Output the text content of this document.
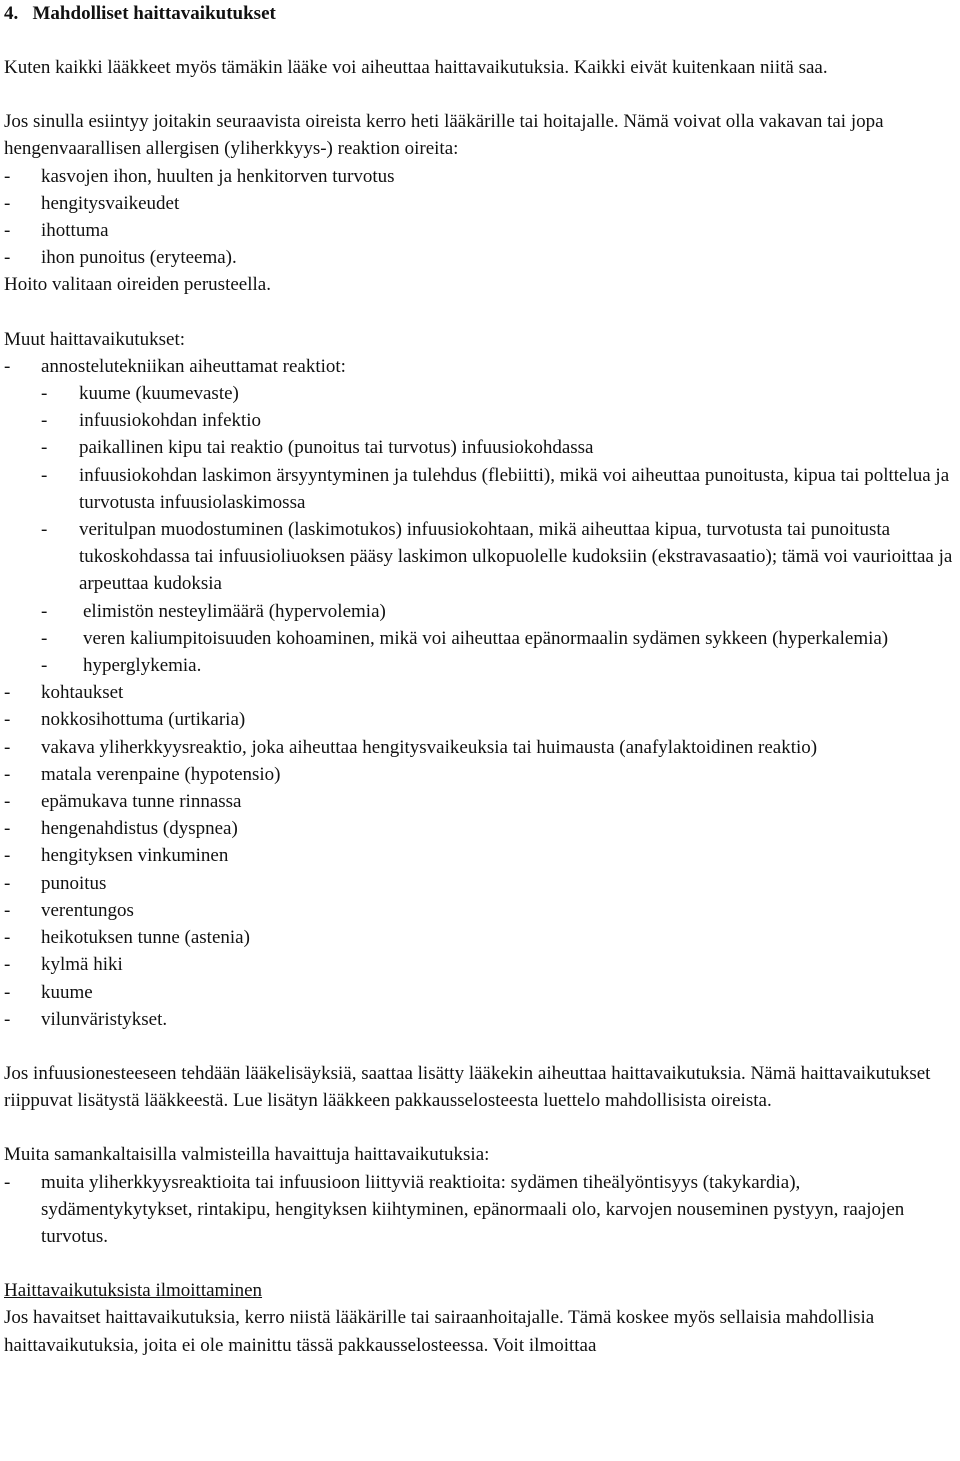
4.   Mahdolliset haittavaikutukset

Kuten kaikki lääkkeet myös tämäkin lääke voi aiheuttaa haittavaikutuksia. Kaikki eivät kuitenkaan niitä saa.

Jos sinulla esiintyy joitakin seuraavista oireista kerro heti lääkärille tai hoitajalle. Nämä voivat olla vakavan tai jopa hengenvaarallisen allergisen (yliherkkyys-) reaktion oireita:

-	kasvojen ihon, huulten ja henkitorven turvotus
-	hengitysvaikeudet
-	ihottuma
-	ihon punoitus (eryteema).

Hoito valitaan oireiden perusteella.

Muut haittavaikutukset:

-	annostelutekniikan aiheuttamat reaktiot:
-	kuume (kuumevaste)
-	infuusiokohdan infektio
-	paikallinen kipu tai reaktio (punoitus tai turvotus) infuusiokohdassa
-	infuusiokohdan laskimon ärsyyntyminen ja tulehdus (flebiitti), mikä voi aiheuttaa punoitusta, kipua tai polttelua ja turvotusta infuusiolaskimossa
-	veritulpan muodostuminen (laskimotukos) infuusiokohtaan, mikä aiheuttaa kipua, turvotusta tai punoitusta tukoskohdassa tai infuusioliuoksen pääsy laskimon ulkopuolelle kudoksiin (ekstravasaatio); tämä voi vaurioittaa ja arpeuttaa kudoksia
-	elimistön nesteylimäärä (hypervolemia)
-	veren kaliumpitoisuuden kohoaminen, mikä voi aiheuttaa epänormaalin sydämen sykkeen (hyperkalemia)
-	hyperglykemia.
-	kohtaukset
-	nokkosihottuma (urtikaria)
-	vakava yliherkkyysreaktio, joka aiheuttaa hengitysvaikeuksia tai huimausta (anafylaktoidinen reaktio)
-	matala verenpaine (hypotensio)
-	epämukava tunne rinnassa
-	hengenahdistus (dyspnea)
-	hengityksen vinkuminen
-	punoitus
-	verentungos
-	heikotuksen tunne (astenia)
-	kylmä hiki
-	kuume
-	vilunväristykset.

Jos infuusionesteeseen tehdään lääkelisäyksiä, saattaa lisätty lääkekin aiheuttaa haittavaikutuksia. Nämä haittavaikutukset riippuvat lisätystä lääkkeestä. Lue lisätyn lääkkeen pakkausselosteesta luettelo mahdollisista oireista.

Muita samankaltaisilla valmisteilla havaittuja haittavaikutuksia:

-	muita yliherkkyysreaktioita tai infuusioon liittyviä reaktioita: sydämen tiheälyöntisyys (takykardia), sydämentykytykset, rintakipu, hengityksen kiihtyminen, epänormaali olo, karvojen nouseminen pystyyn, raajojen turvotus.

Haittavaikutuksista ilmoittaminen

Jos havaitset haittavaikutuksia, kerro niistä lääkärille tai sairaanhoitajalle. Tämä koskee myös sellaisia mahdollisia haittavaikutuksia, joita ei ole mainittu tässä pakkausselosteessa. Voit ilmoittaa
